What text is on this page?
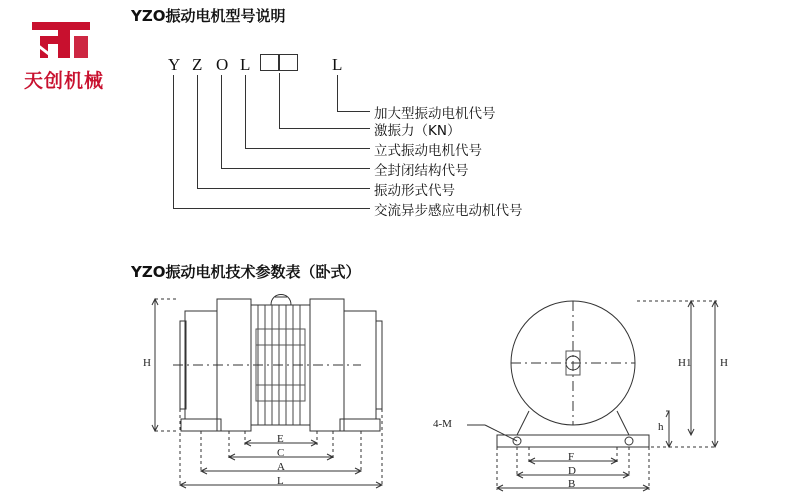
天创机械
YZO振动电机型号说明
YZO振动电机技术参数表（卧式）
Y Z O L	L
加大型振动电机代号
激振力（KN）
立式振动电机代号
全封闭结构代号
振动形式代号
交流异步感应电动机代号
H
E
C
A
L
H
H1
h
4-M
F
D
B
